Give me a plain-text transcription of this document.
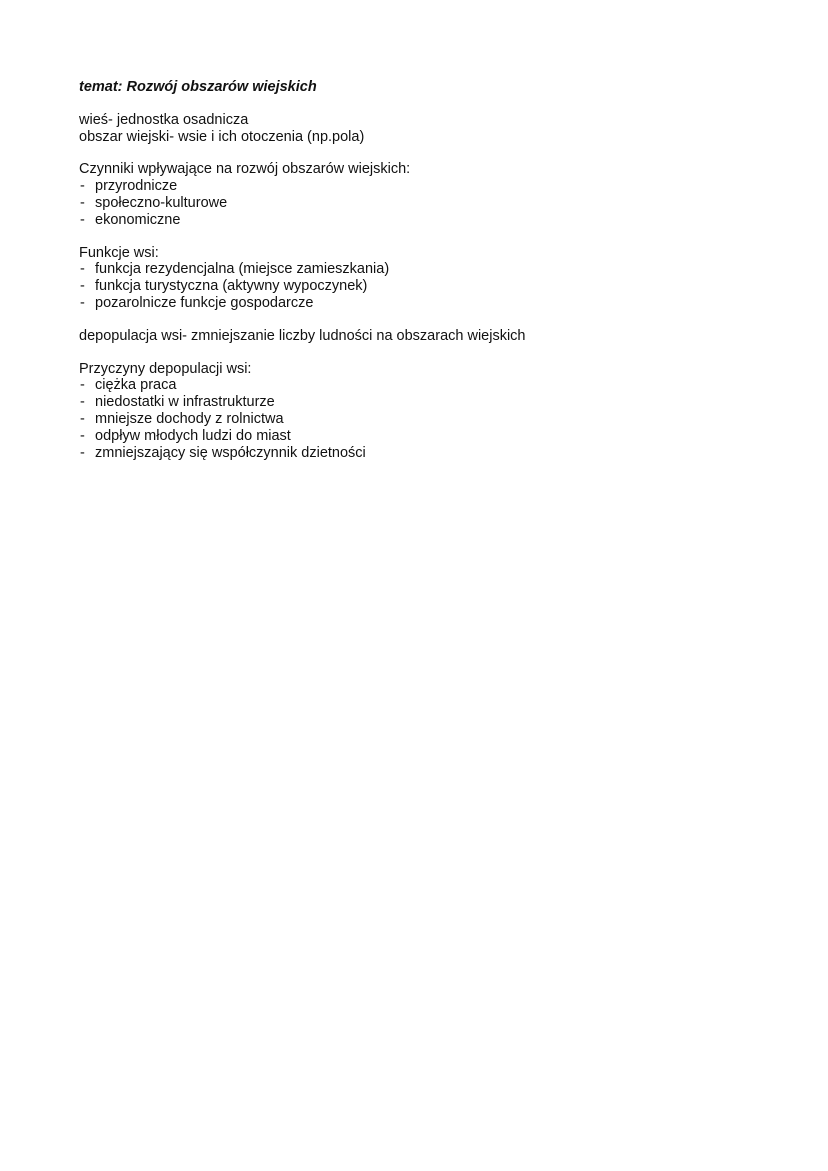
temat: Rozwój obszarów wiejskich
wieś- jednostka osadnicza
obszar wiejski- wsie i ich otoczenia (np.pola)
Czynniki wpływające na rozwój obszarów wiejskich:
- przyrodnicze
- społeczno-kulturowe
- ekonomiczne
Funkcje wsi:
- funkcja rezydencjalna (miejsce zamieszkania)
- funkcja turystyczna (aktywny wypoczynek)
- pozarolnicze funkcje gospodarcze
depopulacja wsi- zmniejszanie liczby ludności na obszarach wiejskich
Przyczyny depopulacji wsi:
- ciężka praca
- niedostatki w infrastrukturze
- mniejsze dochody z rolnictwa
- odpływ młodych ludzi do miast
- zmniejszający się współczynnik dzietności
